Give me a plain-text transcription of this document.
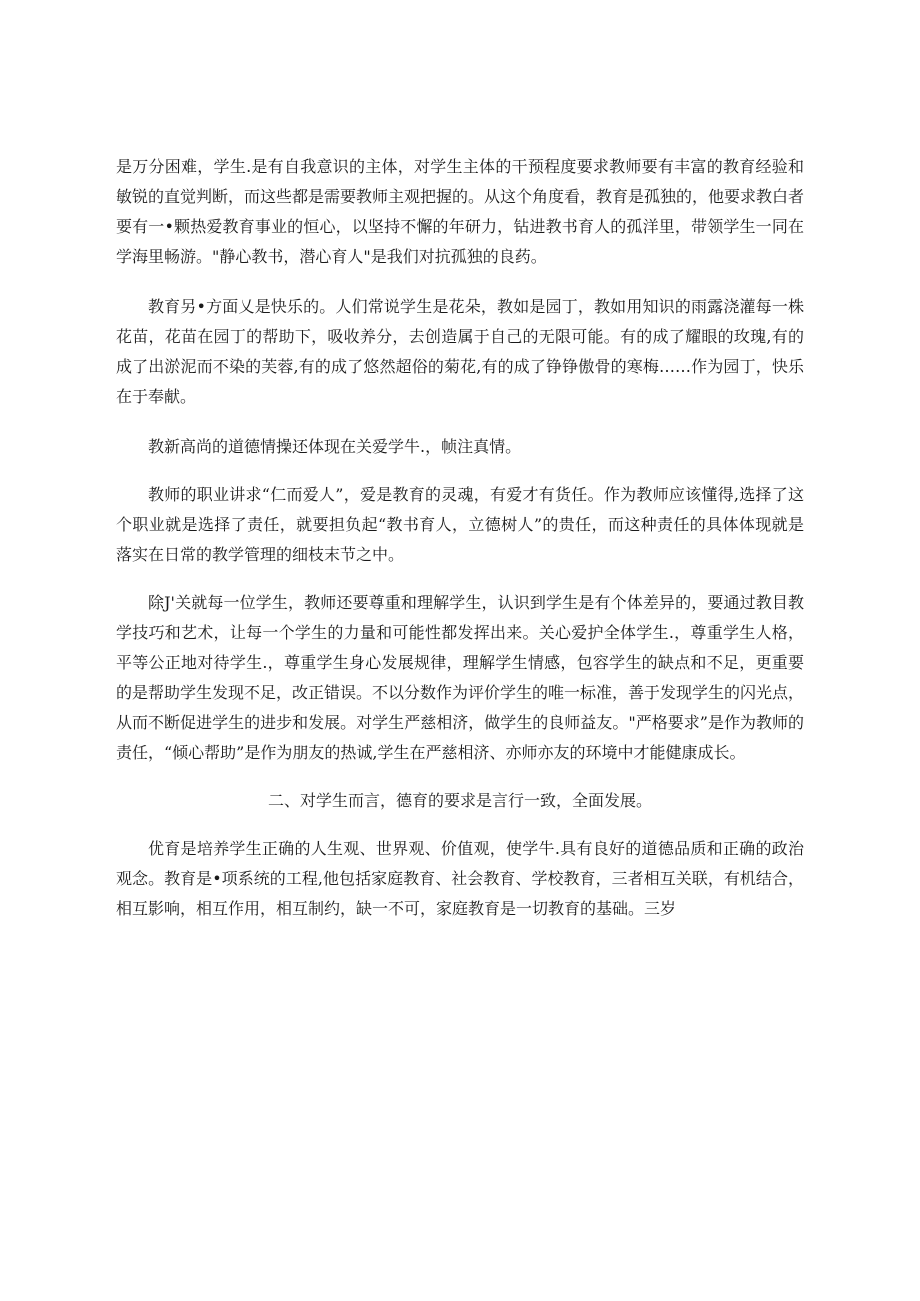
是万分困难，学生.是有自我意识的主体，对学生主体的干预程度要求教师要有丰富的教育经验和敏锐的直觉判断，而这些都是需要教师主观把握的。从这个角度看，教育是孤独的，他要求教白者要有一•颗热爱教育事业的恒心，以坚持不懈的年研力，钻进教书育人的孤洋里，带领学生一同在学海里畅游。"静心教书，潜心育人"是我们对抗孤独的良药。

教育另•方面乂是快乐的。人们常说学生是花朵，教如是园丁，教如用知识的雨露浇灌每一株花苗，花苗在园丁的帮助下，吸收养分，去创造属于自己的无限可能。有的成了耀眼的玫瑰,有的成了出淤泥而不染的芙蓉,有的成了悠然超俗的菊花,有的成了铮铮傲骨的寒梅……作为园丁，快乐在于奉献。

教新高尚的道德情操还体现在关爱学牛.，帧注真情。

教师的职业讲求“仁而爱人”，爱是教育的灵魂，有爱才有货任。作为教师应该懂得,选择了这个职业就是选择了责任，就要担负起“教书育人，立德树人”的贵任，而这种责任的具体体现就是落实在日常的教学管理的细枝末节之中。

除J'关就每一位学生，教师还要尊重和理解学生，认识到学生是有个体差异的，要通过教目教学技巧和艺术，让每一个学生的力量和可能性都发挥出来。关心爱护全体学生.，尊重学生人格，平等公正地对待学生.，尊重学生身心发展规律，理解学生情感，包容学生的缺点和不足，更重要的是帮助学生发现不足，改正错误。不以分数作为评价学生的唯一标准，善于发现学生的闪光点，从而不断促进学生的进步和发展。对学生严慈相济，做学生的良师益友。"严格要求”是作为教师的责任，“倾心帮助”是作为朋友的热诚,学生在严慈相济、亦师亦友的环境中才能健康成长。

二、对学生而言，德育的要求是言行一致，全面发展。

优育是培养学生正确的人生观、世界观、价值观，使学牛.具有良好的道德品质和正确的政治观念。教育是•项系统的工程,他包括家庭教育、社会教育、学校教育，三者相互关联，有机结合，相互影响，相互作用，相互制约，缺一不可，家庭教育是一切教育的基础。三岁
